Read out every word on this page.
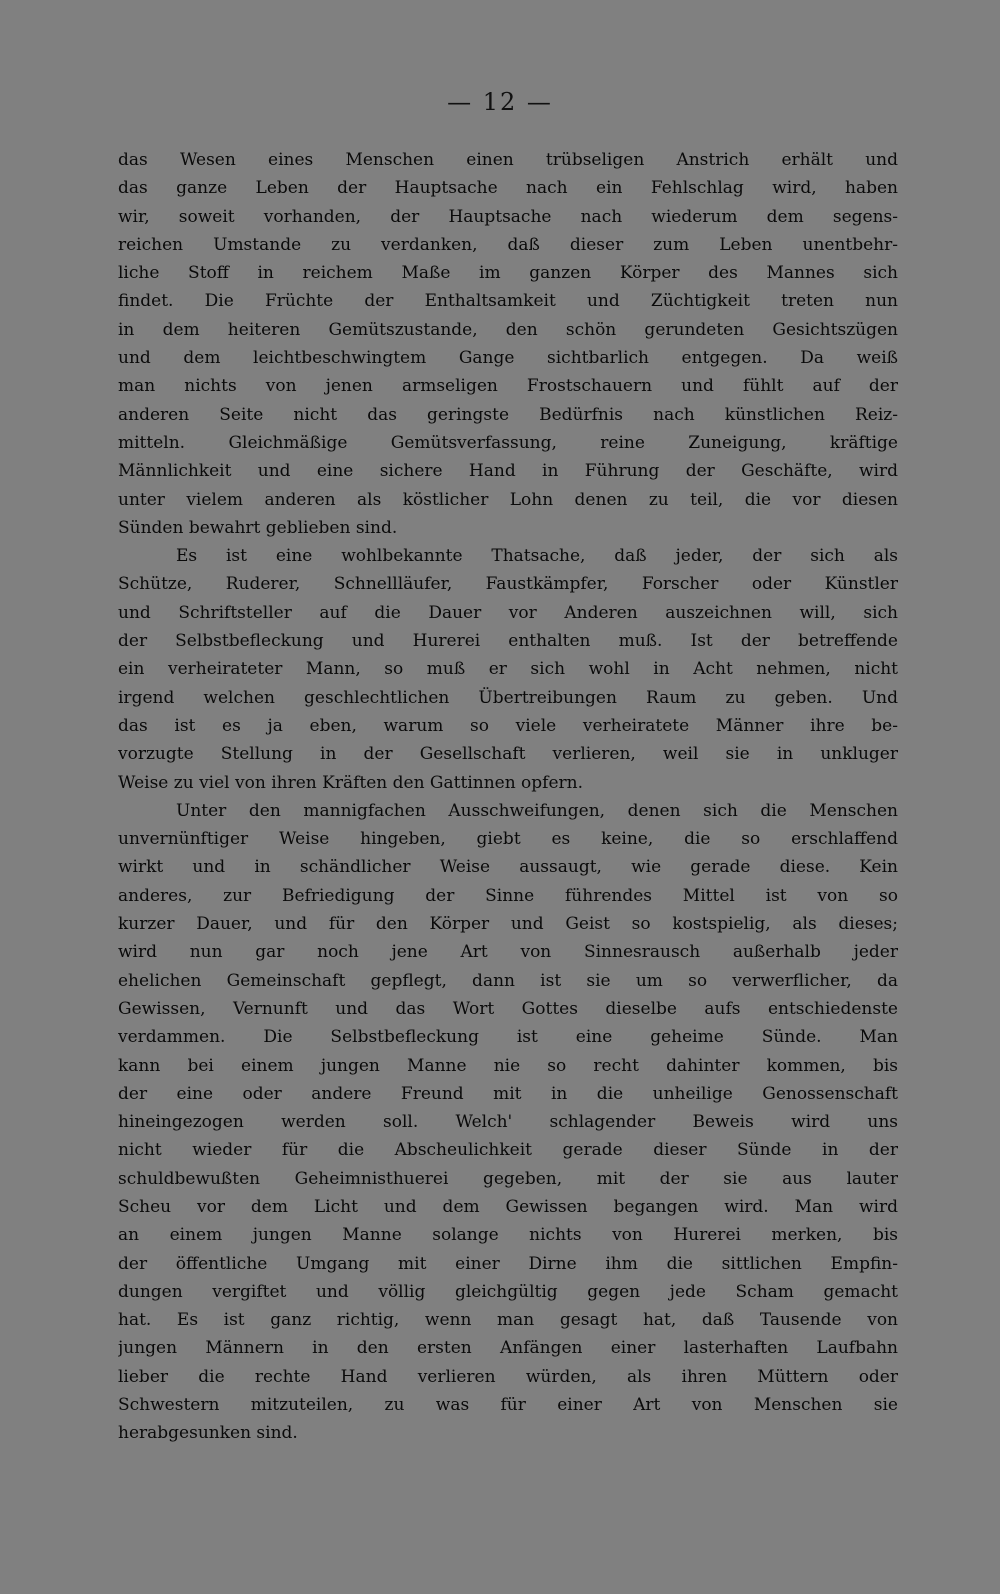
— 12 —
das Wesen eines Menschen einen trübseligen Anstrich erhält und
das ganze Leben der Hauptsache nach ein Fehlschlag wird, haben
wir, soweit vorhanden, der Hauptsache nach wiederum dem segens-
reichen Umstande zu verdanken, daß dieser zum Leben unentbehr-
liche Stoff in reichem Maße im ganzen Körper des Mannes sich
findet. Die Früchte der Enthaltsamkeit und Züchtigkeit treten nun
in dem heiteren Gemütszustande, den schön gerundeten Gesichtszügen
und dem leichtbeschwingtem Gange sichtbarlich entgegen. Da weiß
man nichts von jenen armseligen Frostschauern und fühlt auf der
anderen Seite nicht das geringste Bedürfnis nach künstlichen Reiz-
mitteln. Gleichmäßige Gemütsverfassung, reine Zuneigung, kräftige
Männlichkeit und eine sichere Hand in Führung der Geschäfte, wird
unter vielem anderen als köstlicher Lohn denen zu teil, die vor diesen
Sünden bewahrt geblieben sind.
Es ist eine wohlbekannte Thatsache, daß jeder, der sich als
Schütze, Ruderer, Schnellläufer, Faustkämpfer, Forscher oder Künstler
und Schriftsteller auf die Dauer vor Anderen auszeichnen will, sich
der Selbstbefleckung und Hurerei enthalten muß. Ist der betreffende
ein verheirateter Mann, so muß er sich wohl in Acht nehmen, nicht
irgend welchen geschlechtlichen Übertreibungen Raum zu geben. Und
das ist es ja eben, warum so viele verheiratete Männer ihre be-
vorzugte Stellung in der Gesellschaft verlieren, weil sie in unkluger
Weise zu viel von ihren Kräften den Gattinnen opfern.
Unter den mannigfachen Ausschweifungen, denen sich die Menschen
unvernünftiger Weise hingeben, giebt es keine, die so erschlaffend
wirkt und in schändlicher Weise aussaugt, wie gerade diese. Kein
anderes, zur Befriedigung der Sinne führendes Mittel ist von so
kurzer Dauer, und für den Körper und Geist so kostspielig, als dieses;
wird nun gar noch jene Art von Sinnesrausch außerhalb jeder
ehelichen Gemeinschaft gepflegt, dann ist sie um so verwerflicher, da
Gewissen, Vernunft und das Wort Gottes dieselbe aufs entschiedenste
verdammen. Die Selbstbefleckung ist eine geheime Sünde. Man
kann bei einem jungen Manne nie so recht dahinter kommen, bis
der eine oder andere Freund mit in die unheilige Genossenschaft
hineingezogen werden soll. Welch' schlagender Beweis wird uns
nicht wieder für die Abscheulichkeit gerade dieser Sünde in der
schuldbewußten Geheimnisthuerei gegeben, mit der sie aus lauter
Scheu vor dem Licht und dem Gewissen begangen wird. Man wird
an einem jungen Manne solange nichts von Hurerei merken, bis
der öffentliche Umgang mit einer Dirne ihm die sittlichen Empfin-
dungen vergiftet und völlig gleichgültig gegen jede Scham gemacht
hat. Es ist ganz richtig, wenn man gesagt hat, daß Tausende von
jungen Männern in den ersten Anfängen einer lasterhaften Laufbahn
lieber die rechte Hand verlieren würden, als ihren Müttern oder
Schwestern mitzuteilen, zu was für einer Art von Menschen sie
herabgesunken sind.
